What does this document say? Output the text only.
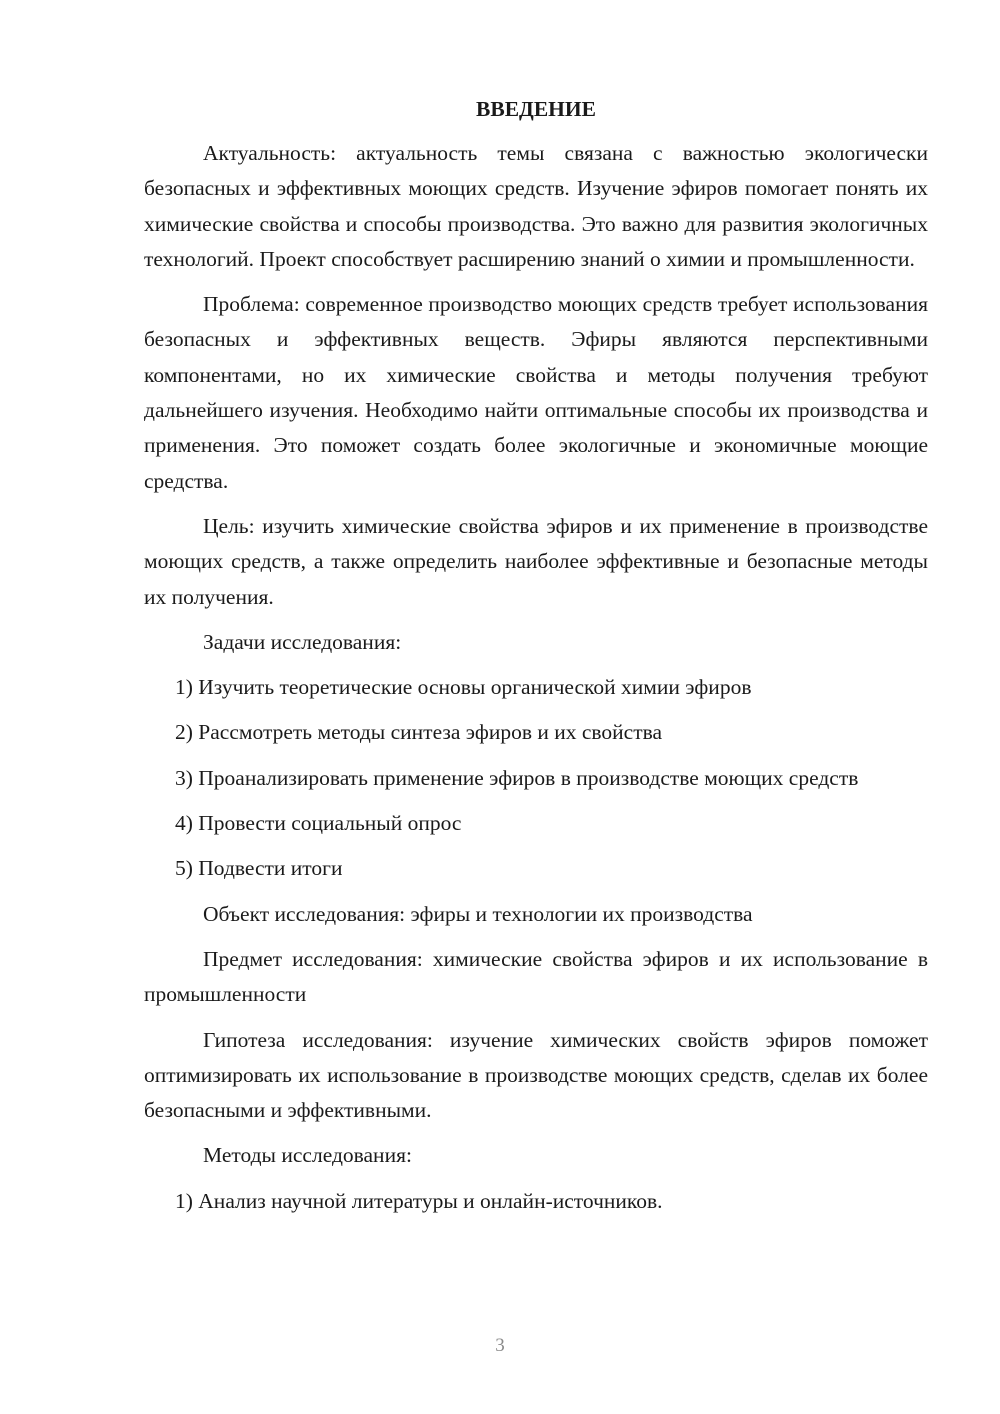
ВВЕДЕНИЕ

Актуальность: актуальность темы связана с важностью экологически безопасных и эффективных моющих средств. Изучение эфиров помогает понять их химические свойства и способы производства. Это важно для развития экологичных технологий. Проект способствует расширению знаний о химии и промышленности.

Проблема: современное производство моющих средств требует использования безопасных и эффективных веществ. Эфиры являются перспективными компонентами, но их химические свойства и методы получения требуют дальнейшего изучения. Необходимо найти оптимальные способы их производства и применения. Это поможет создать более экологичные и экономичные моющие средства.

Цель: изучить химические свойства эфиров и их применение в производстве моющих средств, а также определить наиболее эффективные и безопасные методы их получения.

Задачи исследования:

1) Изучить теоретические основы органической химии эфиров

2) Рассмотреть методы синтеза эфиров и их свойства

3) Проанализировать применение эфиров в производстве моющих средств

4) Провести социальный опрос

5) Подвести итоги

Объект исследования: эфиры и технологии их производства

Предмет исследования: химические свойства эфиров и их использование в промышленности

Гипотеза исследования: изучение химических свойств эфиров поможет оптимизировать их использование в производстве моющих средств, сделав их более безопасными и эффективными.

Методы исследования:

1) Анализ научной литературы и онлайн-источников.

3
